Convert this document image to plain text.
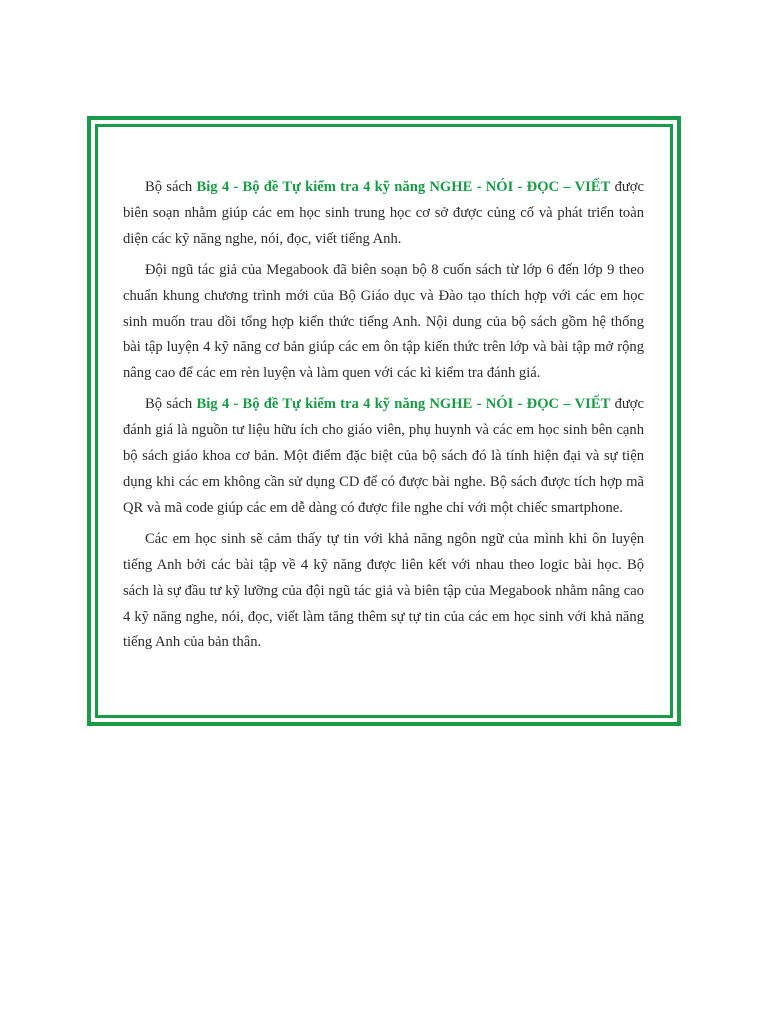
Bộ sách Big 4 - Bộ đề Tự kiểm tra 4 kỹ năng NGHE - NÓI - ĐỌC – VIẾT được biên soạn nhằm giúp các em học sinh trung học cơ sở được củng cố và phát triển toàn diện các kỹ năng nghe, nói, đọc, viết tiếng Anh.

Đội ngũ tác giả của Megabook đã biên soạn bộ 8 cuốn sách từ lớp 6 đến lớp 9 theo chuẩn khung chương trình mới của Bộ Giáo dục và Đào tạo thích hợp với các em học sinh muốn trau dồi tổng hợp kiến thức tiếng Anh. Nội dung của bộ sách gồm hệ thống bài tập luyện 4 kỹ năng cơ bản giúp các em ôn tập kiến thức trên lớp và bài tập mở rộng nâng cao để các em rèn luyện và làm quen với các kì kiểm tra đánh giá.

Bộ sách Big 4 - Bộ đề Tự kiểm tra 4 kỹ năng NGHE - NÓI - ĐỌC – VIẾT được đánh giá là nguồn tư liệu hữu ích cho giáo viên, phụ huynh và các em học sinh bên cạnh bộ sách giáo khoa cơ bản. Một điểm đặc biệt của bộ sách đó là tính hiện đại và sự tiện dụng khi các em không cần sử dụng CD để có được bài nghe. Bộ sách được tích hợp mã QR và mã code giúp các em dễ dàng có được file nghe chỉ với một chiếc smartphone.

Các em học sinh sẽ cảm thấy tự tin với khả năng ngôn ngữ của mình khi ôn luyện tiếng Anh bởi các bài tập về 4 kỹ năng được liên kết với nhau theo logic bài học. Bộ sách là sự đầu tư kỹ lưỡng của đội ngũ tác giả và biên tập của Megabook nhằm nâng cao 4 kỹ năng nghe, nói, đọc, viết làm tăng thêm sự tự tin của các em học sinh với khả năng tiếng Anh của bản thân.
